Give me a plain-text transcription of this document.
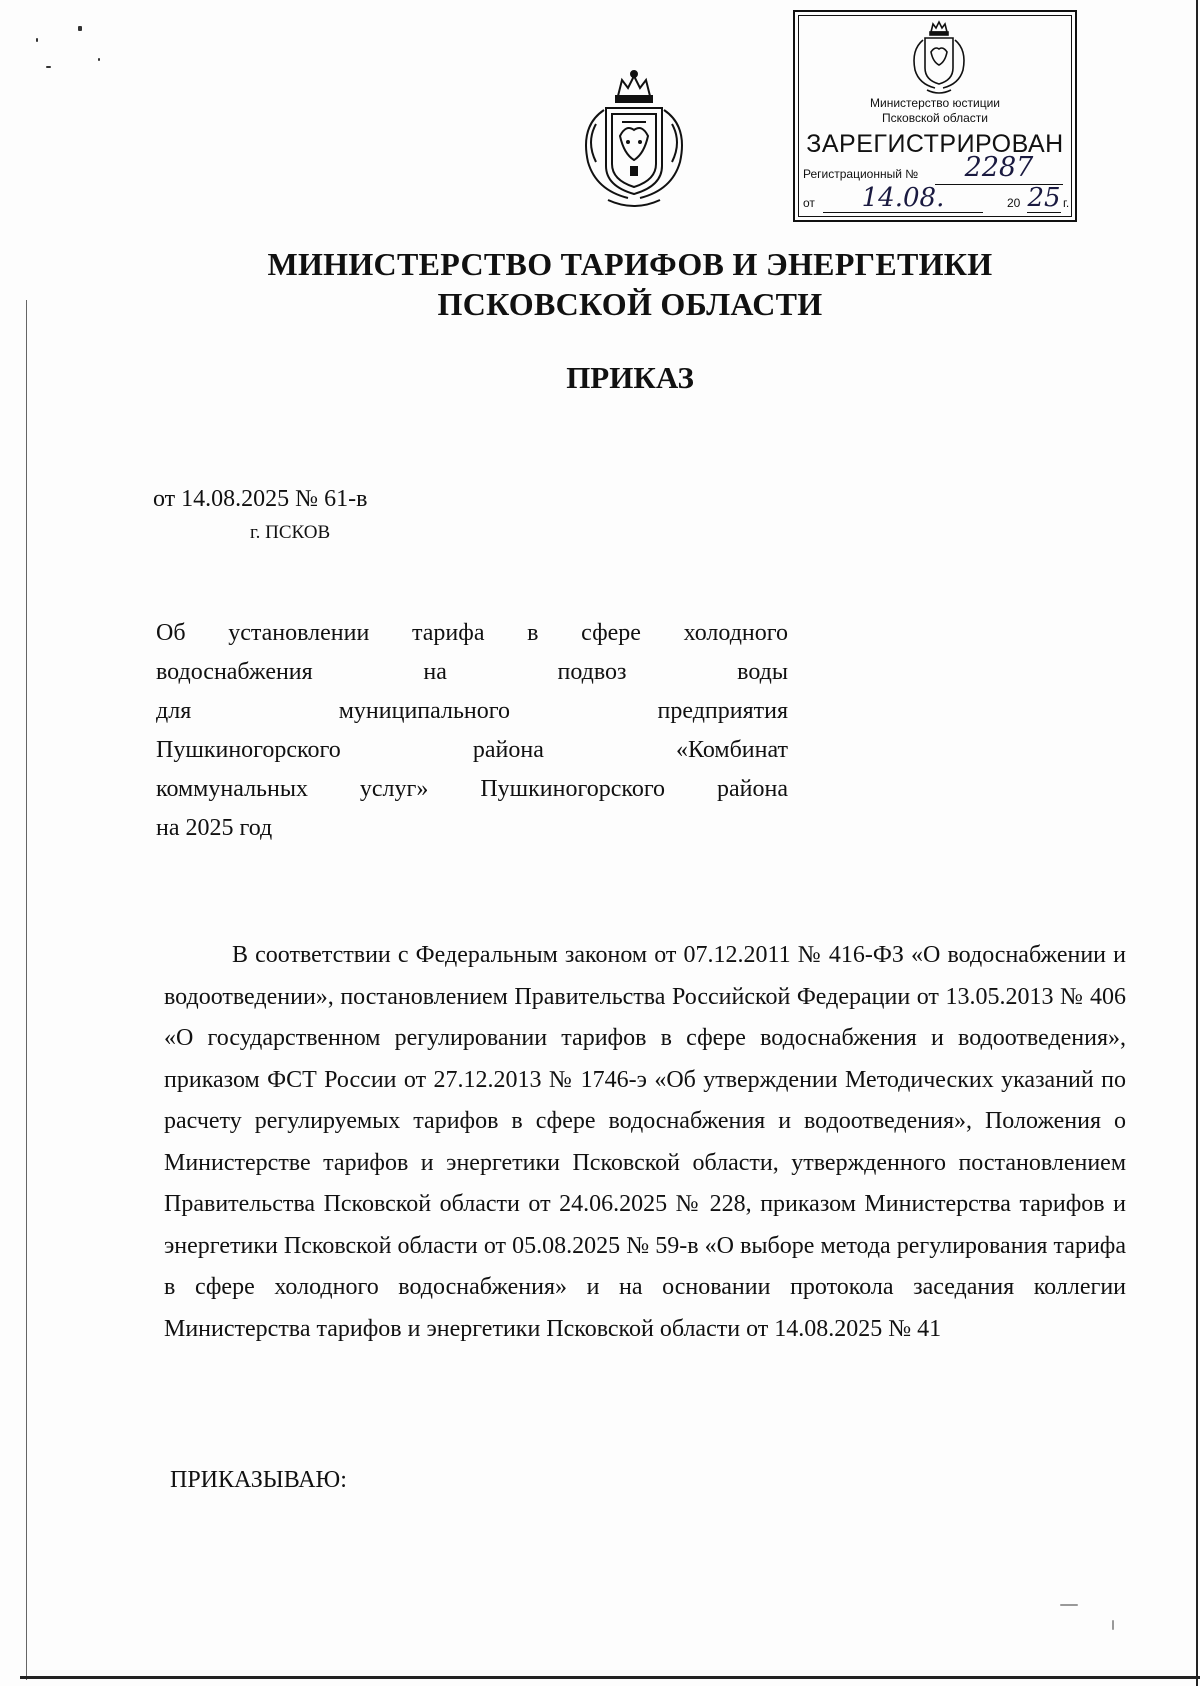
Министерство юстиции
Псковской области
ЗАРЕГИСТРИРОВАН
Регистрационный №	2287
от	14.08.	20 25 г.
МИНИСТЕРСТВО ТАРИФОВ И ЭНЕРГЕТИКИ
ПСКОВСКОЙ ОБЛАСТИ
ПРИКАЗ
от 14.08.2025 № 61-в
г. ПСКОВ
Об установлении тарифа в сфере холодного
водоснабжения на подвоз воды
для муниципального предприятия
Пушкиногорского района «Комбинат
коммунальных услуг» Пушкиногорского района
на 2025 год
В соответствии с Федеральным законом от 07.12.2011 № 416-ФЗ «О водоснабжении и водоотведении», постановлением Правительства Российской Федерации от 13.05.2013 № 406 «О государственном регулировании тарифов в сфере водоснабжения и водоотведения», приказом ФСТ России от 27.12.2013 № 1746-э «Об утверждении Методических указаний по расчету регулируемых тарифов в сфере водоснабжения и водоотведения», Положения о Министерстве тарифов и энергетики Псковской области, утвержденного постановлением Правительства Псковской области от 24.06.2025 № 228, приказом Министерства тарифов и энергетики Псковской области от 05.08.2025 № 59-в «О выборе метода регулирования тарифа в сфере холодного водоснабжения» и на основании протокола заседания коллегии Министерства тарифов и энергетики Псковской области от 14.08.2025 № 41
ПРИКАЗЫВАЮ:
